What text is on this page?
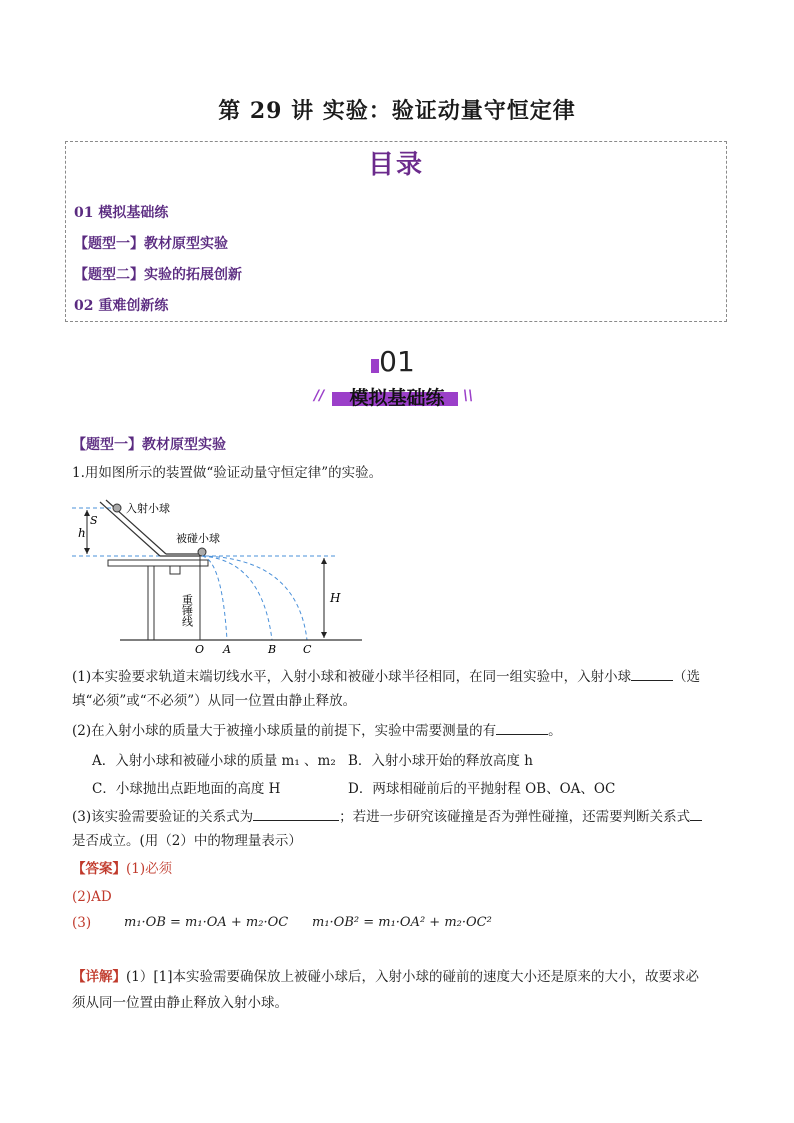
第 29 讲 实验：验证动量守恒定律
目录
01 模拟基础练
【题型一】教材原型实验
【题型二】实验的拓展创新
02 重难创新练
01
//	\\
模拟基础练
【题型一】教材原型实验
1.用如图所示的装置做“验证动量守恒定律”的实验。
h
S
入射小球
被碰小球
重锤线	H
O A	B C
(1)本实验要求轨道末端切线水平，入射小球和被碰小球半径相同，在同一组实验中，入射小球	（选
填“必须”或“不必须”）从同一位置由静止释放。
(2)在入射小球的质量大于被撞小球质量的前提下，实验中需要测量的有	。
A．入射小球和被碰小球的质量 m₁ 、m₂ B．入射小球开始的释放高度 h
C．小球抛出点距地面的高度 H	D．两球相碰前后的平抛射程 OB、OA、OC
(3)该实验需要验证的关系式为	；若进一步研究该碰撞是否为弹性碰撞，还需要判断关系式
是否成立。(用（2）中的物理量表示）
【答案】(1)必须
(2)AD
(3)	m₁·OB = m₁·OA + m₂·OC m₁·OB² = m₁·OA² + m₂·OC²
【详解】(1）[1]本实验需要确保放上被碰小球后，入射小球的碰前的速度大小还是原来的大小，故要求必
须从同一位置由静止释放入射小球。
